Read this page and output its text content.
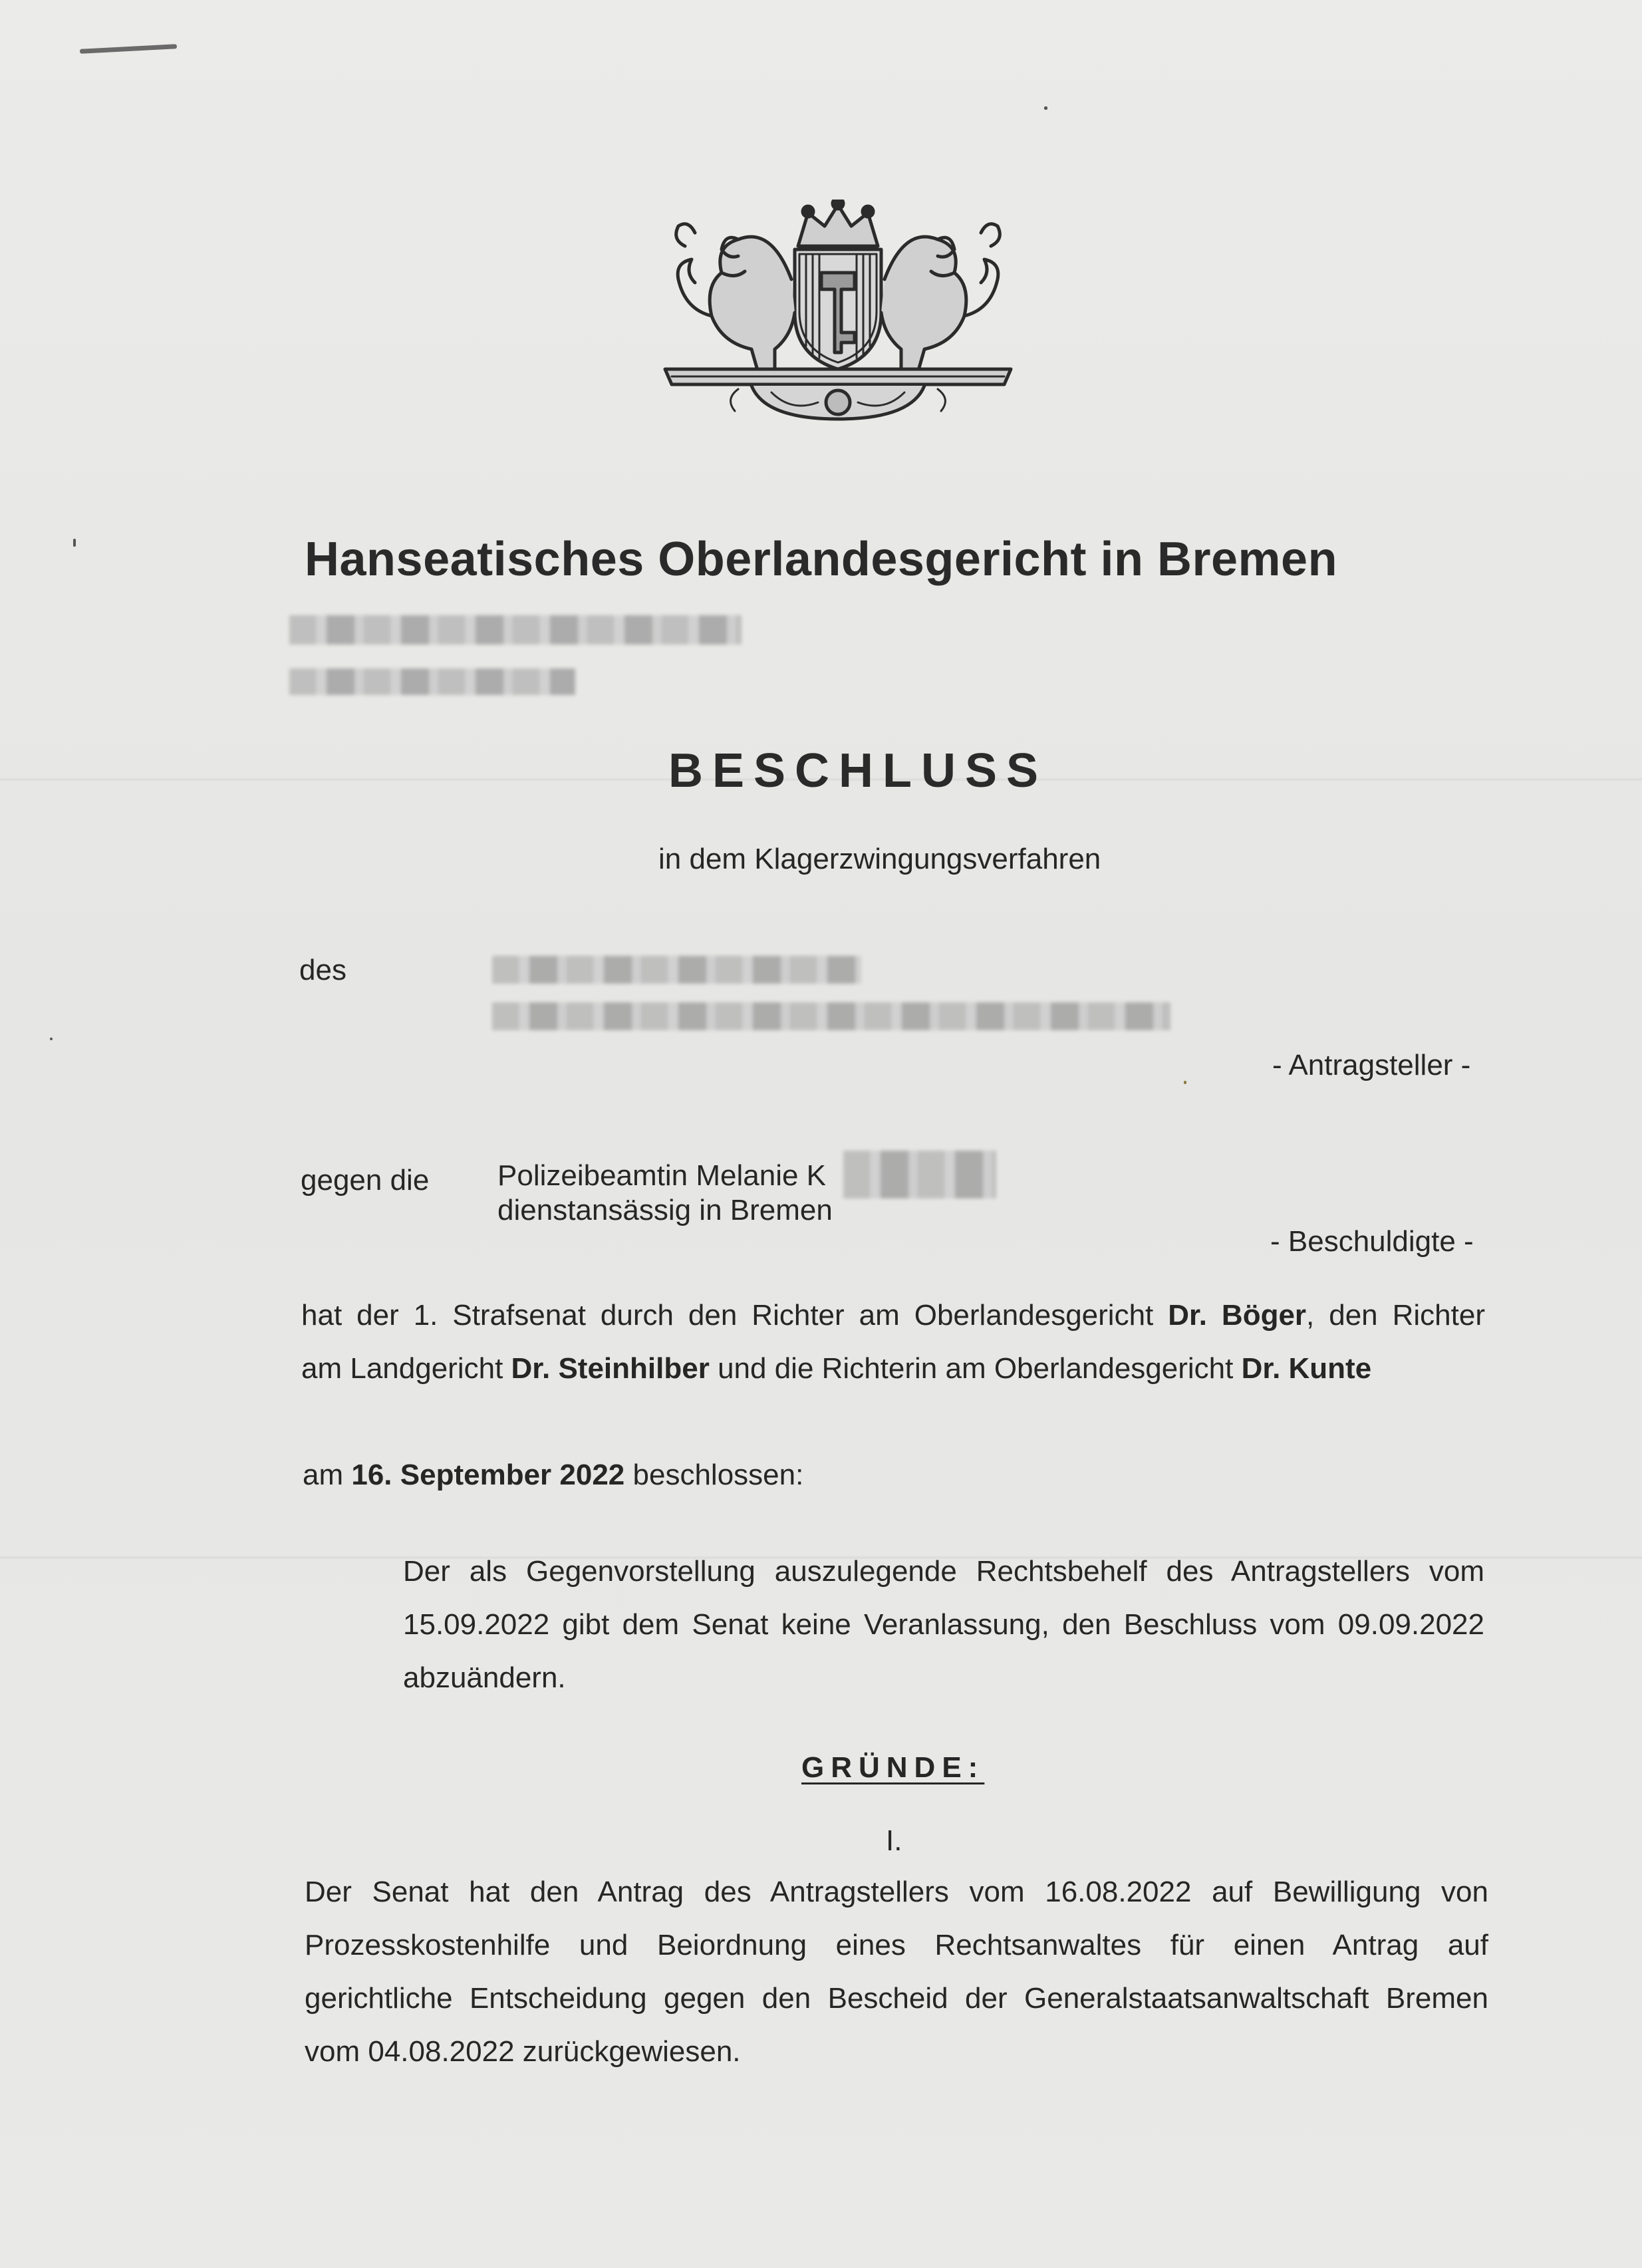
Hanseatisches Oberlandesgericht in Bremen
BESCHLUSS
in dem Klagerzwingungsverfahren
des
- Antragsteller -
gegen die Polizeibeamtin Melanie K
dienstansässig in Bremen
- Beschuldigte -
hat der 1. Strafsenat durch den Richter am Oberlandesgericht Dr. Böger, den Richter
am Landgericht Dr. Steinhilber und die Richterin am Oberlandesgericht Dr. Kunte
am 16. September 2022 beschlossen:
Der als Gegenvorstellung auszulegende Rechtsbehelf des Antragstellers vom
15.09.2022 gibt dem Senat keine Veranlassung, den Beschluss vom 09.09.2022
abzuändern.
GRÜNDE:
I.
Der Senat hat den Antrag des Antragstellers vom 16.08.2022 auf Bewilligung von
Prozesskostenhilfe und Beiordnung eines Rechtsanwaltes für einen Antrag auf
gerichtliche Entscheidung gegen den Bescheid der Generalstaatsanwaltschaft Bremen
vom 04.08.2022 zurückgewiesen.
